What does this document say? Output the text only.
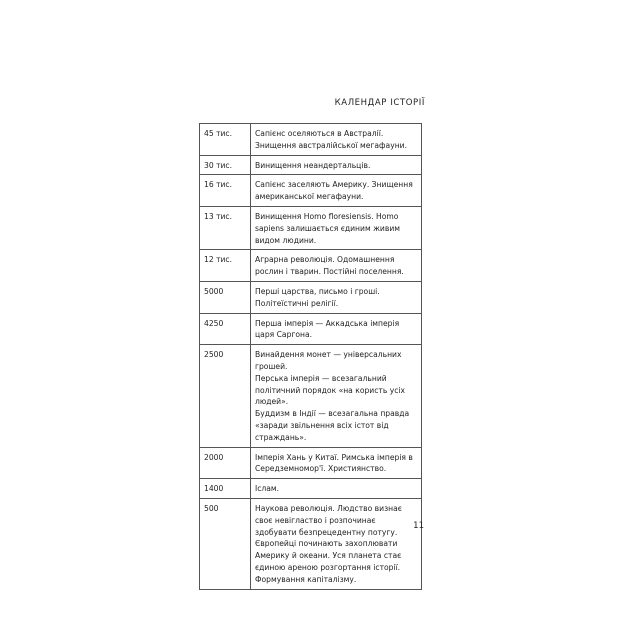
КАЛЕНДАР ІСТОРІЇ
45 тис.	Сапієнс оселяються в Австралії. Знищення австралійської мегафауни.

30 тис.	Винищення неандертальців.

16 тис.	Сапієнс заселяють Америку. Знищення американської мегафауни.

13 тис.	Винищення Homo floresiensis. Homo sapiens залишається єдиним живим видом людини.

12 тис.	Аграрна революція. Одомашнення рослин і тварин. Постійні поселення.

5000	Перші царства, письмо і гроші. Політеїстичні релігії.

4250	Перша імперія — Аккадська імперія царя Саргона.

2500	Винайдення монет — універсальних грошей.
Перська імперія — всезагальний політичний порядок «на користь усіх людей».
Буддизм в Індії — всезагальна правда «заради звільнення всіх істот від страждань».

2000	Імперія Хань у Китаї. Римська імперія в Середземномор'ї. Християнство.

1400	Іслам.

500	Наукова революція. Людство визнає своє невігластво і розпочинає здобувати безпрецедентну потугу.
Європейці починають захоплювати Америку й океани. Уся планета стає єдиною ареною розгортання історії. Формування капіталізму.
11
